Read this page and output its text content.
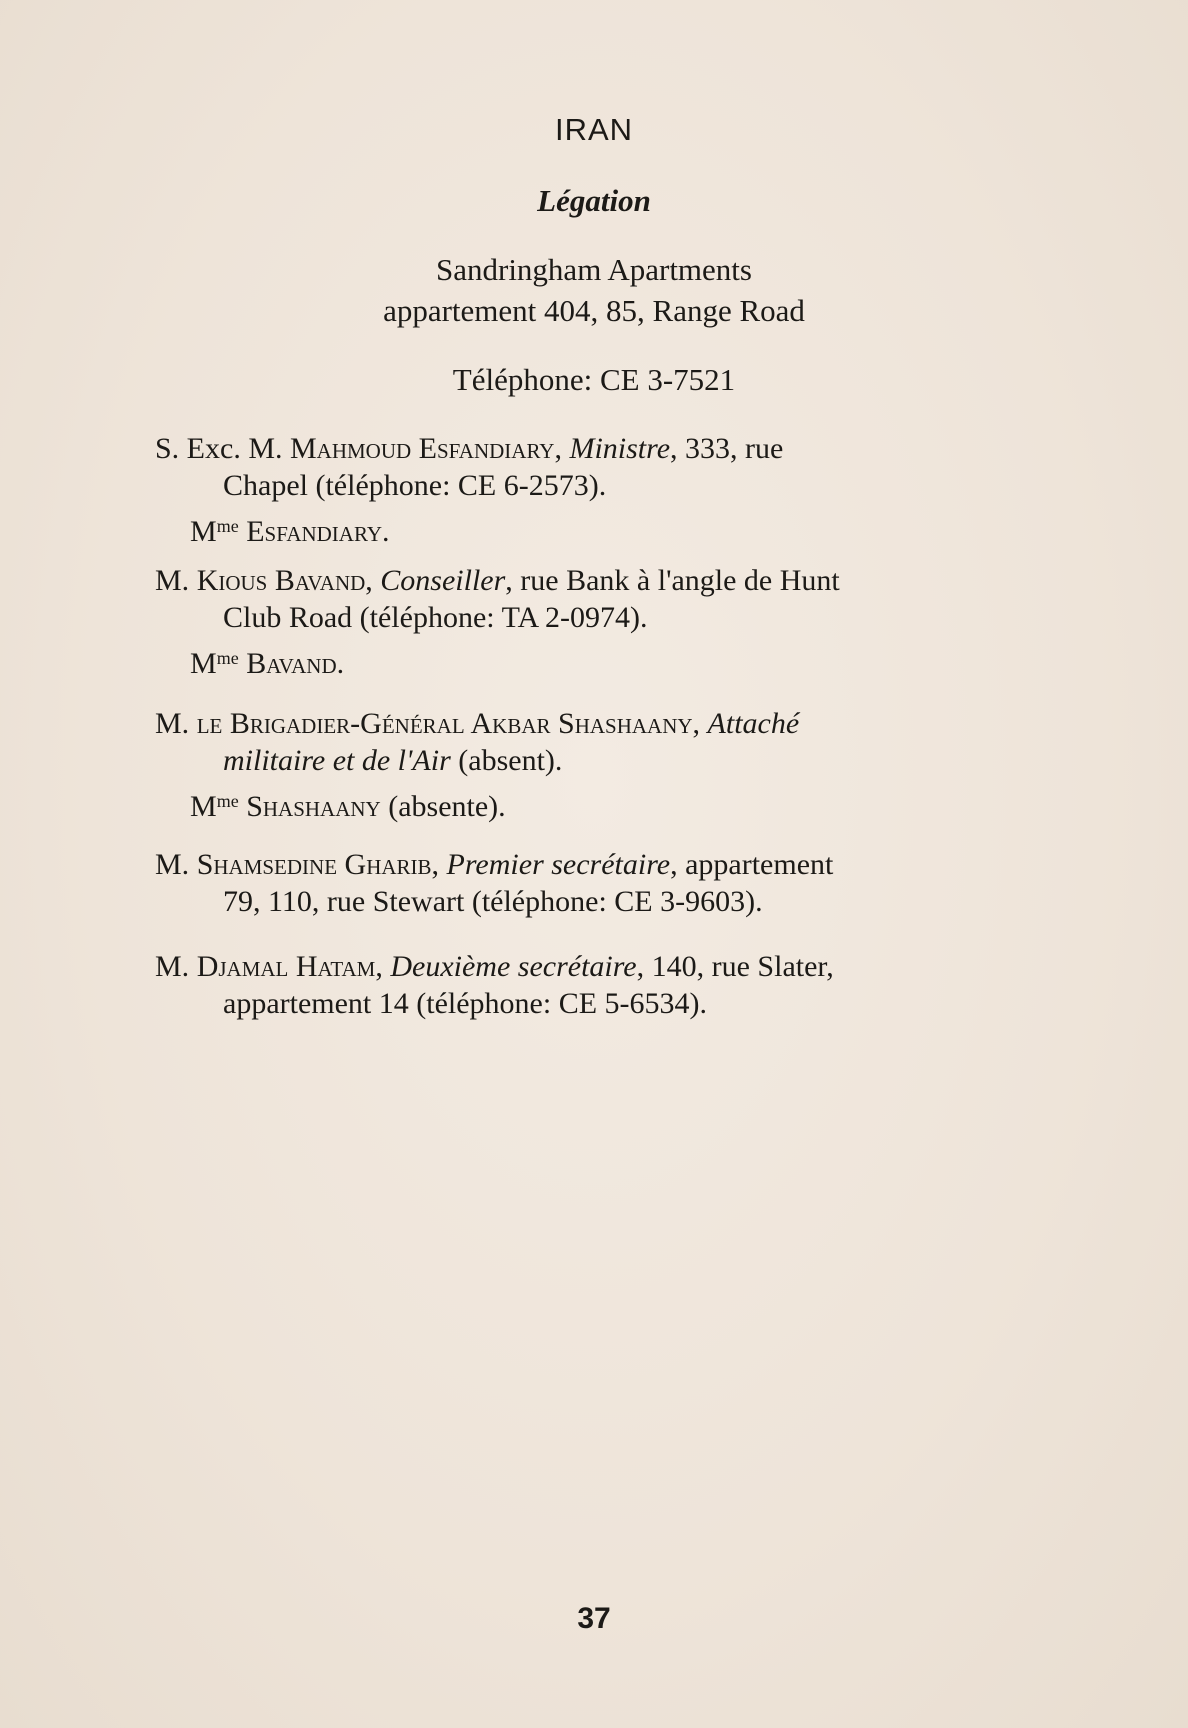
IRAN
Légation
Sandringham Apartments
appartement 404, 85, Range Road
Téléphone: CE 3-7521
S. Exc. M. Mahmoud Esfandiary, Ministre, 333, rue
Chapel (téléphone: CE 6-2573).
$M^{me}$ Esfandiary.
M. Kious Bavand, Conseiller, rue Bank à l'angle de Hunt
Club Road (téléphone: TA 2-0974).
$M^{me}$ Bavand.
M. le Brigadier-Général Akbar Shashaany, Attaché
militaire et de l'Air (absent).
$M^{me}$ Shashaany (absente).
M. Shamsedine Gharib, Premier secrétaire, appartement
79, 110, rue Stewart (téléphone: CE 3-9603).
M. Djamal Hatam, Deuxième secrétaire, 140, rue Slater,
appartement 14 (téléphone: CE 5-6534).
37
